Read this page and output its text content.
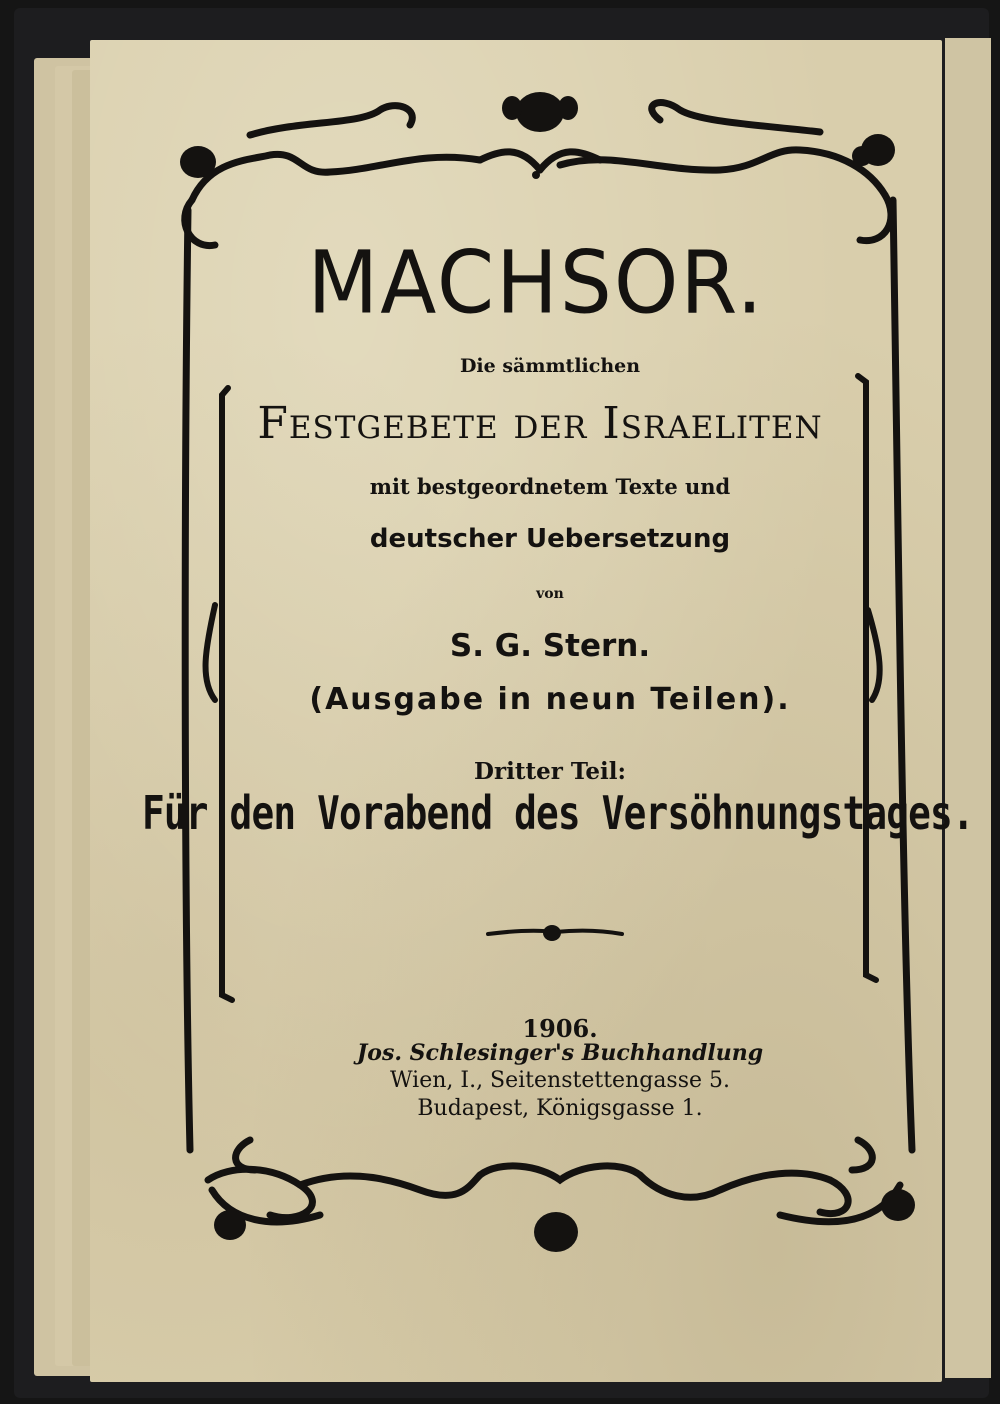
MACHSOR.
Die sämmtlichen
Festgebete der Israeliten
mit bestgeordnetem Texte und
deutscher Uebersetzung
von
S. G. Stern.
(Ausgabe in neun Teilen).
Dritter Teil:
Für den Vorabend des Versöhnungstages.
1906.
Jos. Schlesinger's Buchhandlung
Wien, I., Seitenstettengasse 5.
Budapest, Königsgasse 1.
